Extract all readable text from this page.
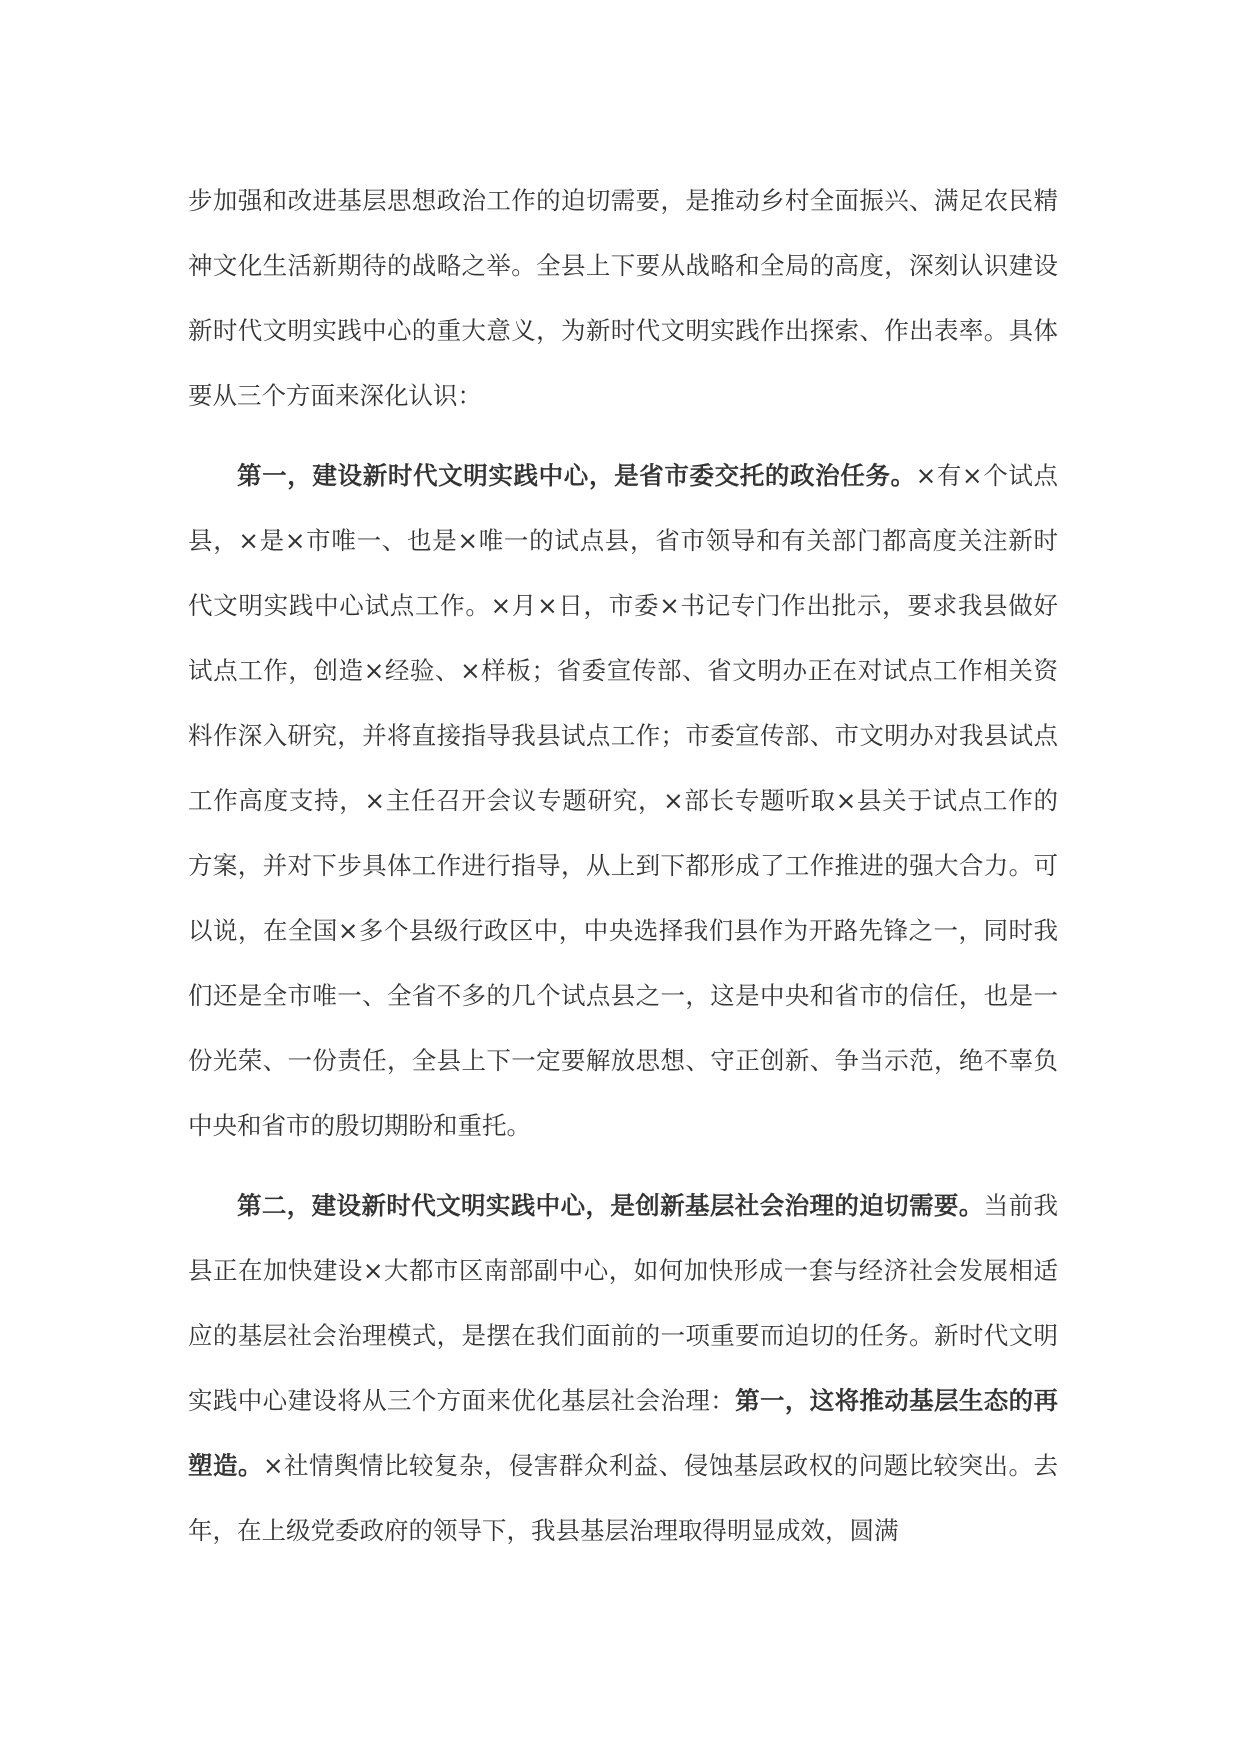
步加强和改进基层思想政治工作的迫切需要，是推动乡村全面振兴、满足农民精神文化生活新期待的战略之举。全县上下要从战略和全局的高度，深刻认识建设新时代文明实践中心的重大意义，为新时代文明实践作出探索、作出表率。具体要从三个方面来深化认识：

第一，建设新时代文明实践中心，是省市委交托的政治任务。×有×个试点县，×是×市唯一、也是×唯一的试点县，省市领导和有关部门都高度关注新时代文明实践中心试点工作。×月×日，市委×书记专门作出批示，要求我县做好试点工作，创造×经验、×样板；省委宣传部、省文明办正在对试点工作相关资料作深入研究，并将直接指导我县试点工作；市委宣传部、市文明办对我县试点工作高度支持，×主任召开会议专题研究，×部长专题听取×县关于试点工作的方案，并对下步具体工作进行指导，从上到下都形成了工作推进的强大合力。可以说，在全国×多个县级行政区中，中央选择我们县作为开路先锋之一，同时我们还是全市唯一、全省不多的几个试点县之一，这是中央和省市的信任，也是一份光荣、一份责任，全县上下一定要解放思想、守正创新、争当示范，绝不辜负中央和省市的殷切期盼和重托。

第二，建设新时代文明实践中心，是创新基层社会治理的迫切需要。当前我县正在加快建设×大都市区南部副中心，如何加快形成一套与经济社会发展相适应的基层社会治理模式，是摆在我们面前的一项重要而迫切的任务。新时代文明实践中心建设将从三个方面来优化基层社会治理：第一，这将推动基层生态的再塑造。×社情舆情比较复杂，侵害群众利益、侵蚀基层政权的问题比较突出。去年，在上级党委政府的领导下，我县基层治理取得明显成效，圆满
